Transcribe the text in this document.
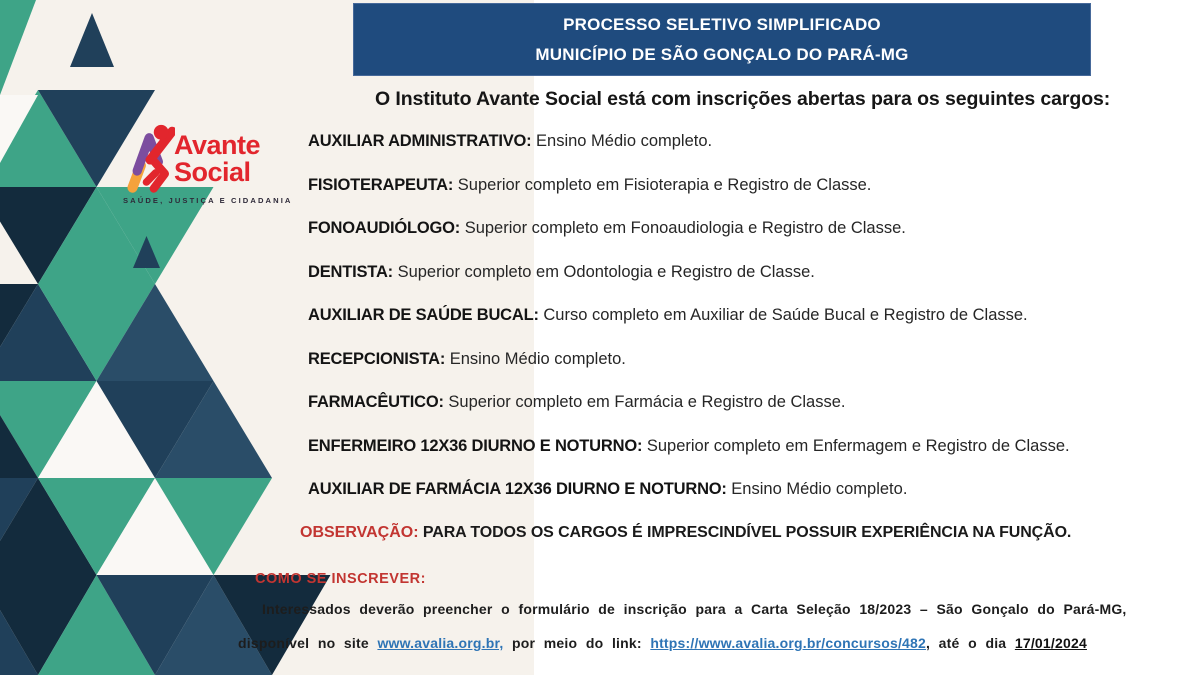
PROCESSO SELETIVO SIMPLIFICADO
MUNICÍPIO DE SÃO GONÇALO DO PARÁ-MG
O Instituto Avante Social está com inscrições abertas para os seguintes cargos:
Avante
Social
SAÚDE, JUSTIÇA E CIDADANIA
AUXILIAR ADMINISTRATIVO: Ensino Médio completo.
FISIOTERAPEUTA: Superior completo em Fisioterapia e Registro de Classe.
FONOAUDIÓLOGO: Superior completo em Fonoaudiologia e Registro de Classe.
DENTISTA: Superior completo em Odontologia e Registro de Classe.
AUXILIAR DE SAÚDE BUCAL: Curso completo em Auxiliar de Saúde Bucal e Registro de Classe.
RECEPCIONISTA: Ensino Médio completo.
FARMACÊUTICO: Superior completo em Farmácia e Registro de Classe.
ENFERMEIRO 12X36 DIURNO E NOTURNO: Superior completo em Enfermagem e Registro de Classe.
AUXILIAR DE FARMÁCIA 12X36 DIURNO E NOTURNO: Ensino Médio completo.
OBSERVAÇÃO: PARA TODOS OS CARGOS É IMPRESCINDÍVEL POSSUIR EXPERIÊNCIA NA FUNÇÃO.
COMO SE INSCREVER:
Interessados deverão preencher o formulário de inscrição para a Carta Seleção 18/2023 – São Gonçalo do Pará-MG,
disponível no site www.avalia.org.br, por meio do link: https://www.avalia.org.br/concursos/482, até o dia 17/01/2024
